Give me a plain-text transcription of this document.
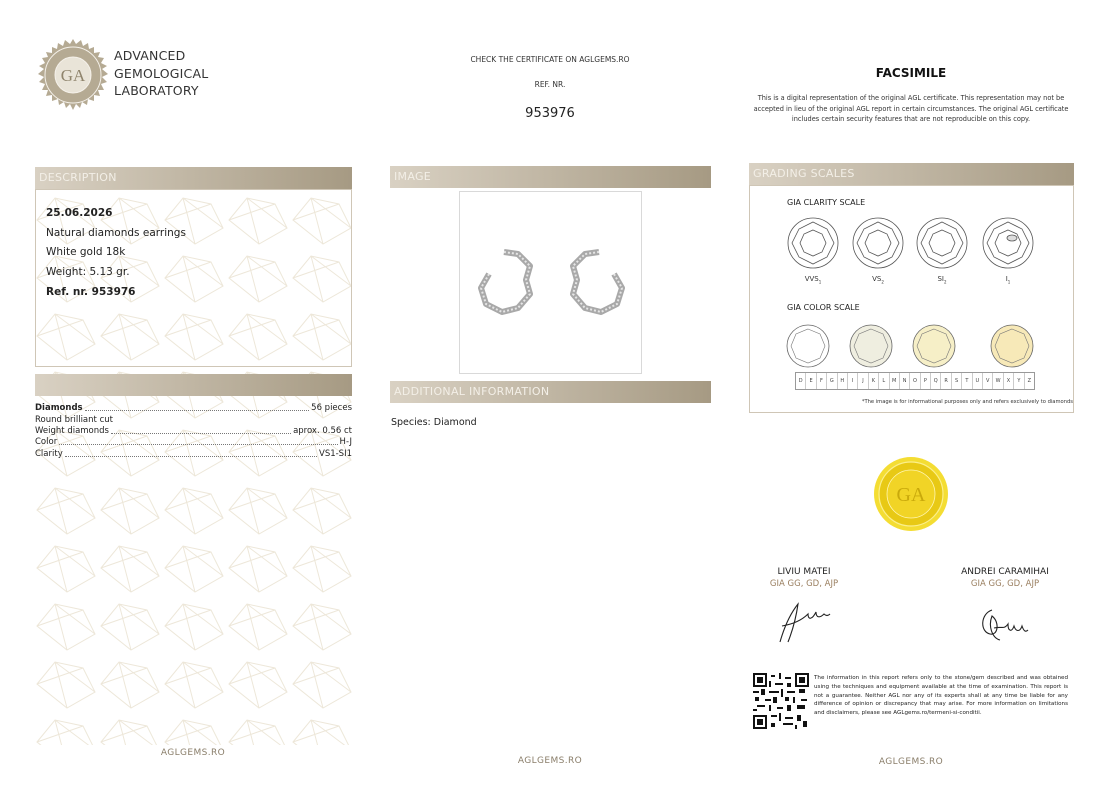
GA
ADVANCED
GEMOLOGICAL
LABORATORY
CHECK THE CERTIFICATE ON AGLGEMS.RO
REF. NR.
953976
FACSIMILE
This is a digital representation of the original AGL certificate. This representation may not be accepted in lieu of the original AGL report in certain circumstances. The original AGL certificate includes certain security features that are not reproducible on this copy.
DESCRIPTION
25.06.2026
Natural diamonds earrings
White gold 18k
Weight: 5.13 gr.
Ref. nr. 953976
Diamonds	56 pieces
Round brilliant cut
Weight diamonds	aprox. 0.56 ct
Color	H-J
Clarity	VS1-SI1
AGLGEMS.RO
IMAGE
ADDITIONAL INFORMATION
Species: Diamond
AGLGEMS.RO
GRADING SCALES
GIA CLARITY SCALE
$VVS_1$	$VS_2$	$SI_2$	$I_1$
GIA COLOR SCALE
D	E	F	G	H	I	J	K	L	M	N	O	P	Q	R	S	T	U	V	W	X	Y	Z
*The image is for informational purposes only and refers exclusively to diamonds
GA
LIVIU MATEI
GIA GG, GD, AJP
ANDREI CARAMIHAI
GIA GG, GD, AJP
The information in this report refers only to the stone/gem described and was obtained using the techniques and equipment available at the time of examination. This report is not a guarantee. Neither AGL nor any of its experts shall at any time be liable for any difference of opinion or discrepancy that may arise. For more information on limitations and disclaimers, please see AGLgems.ro/termeni-si-conditii.
AGLGEMS.RO
